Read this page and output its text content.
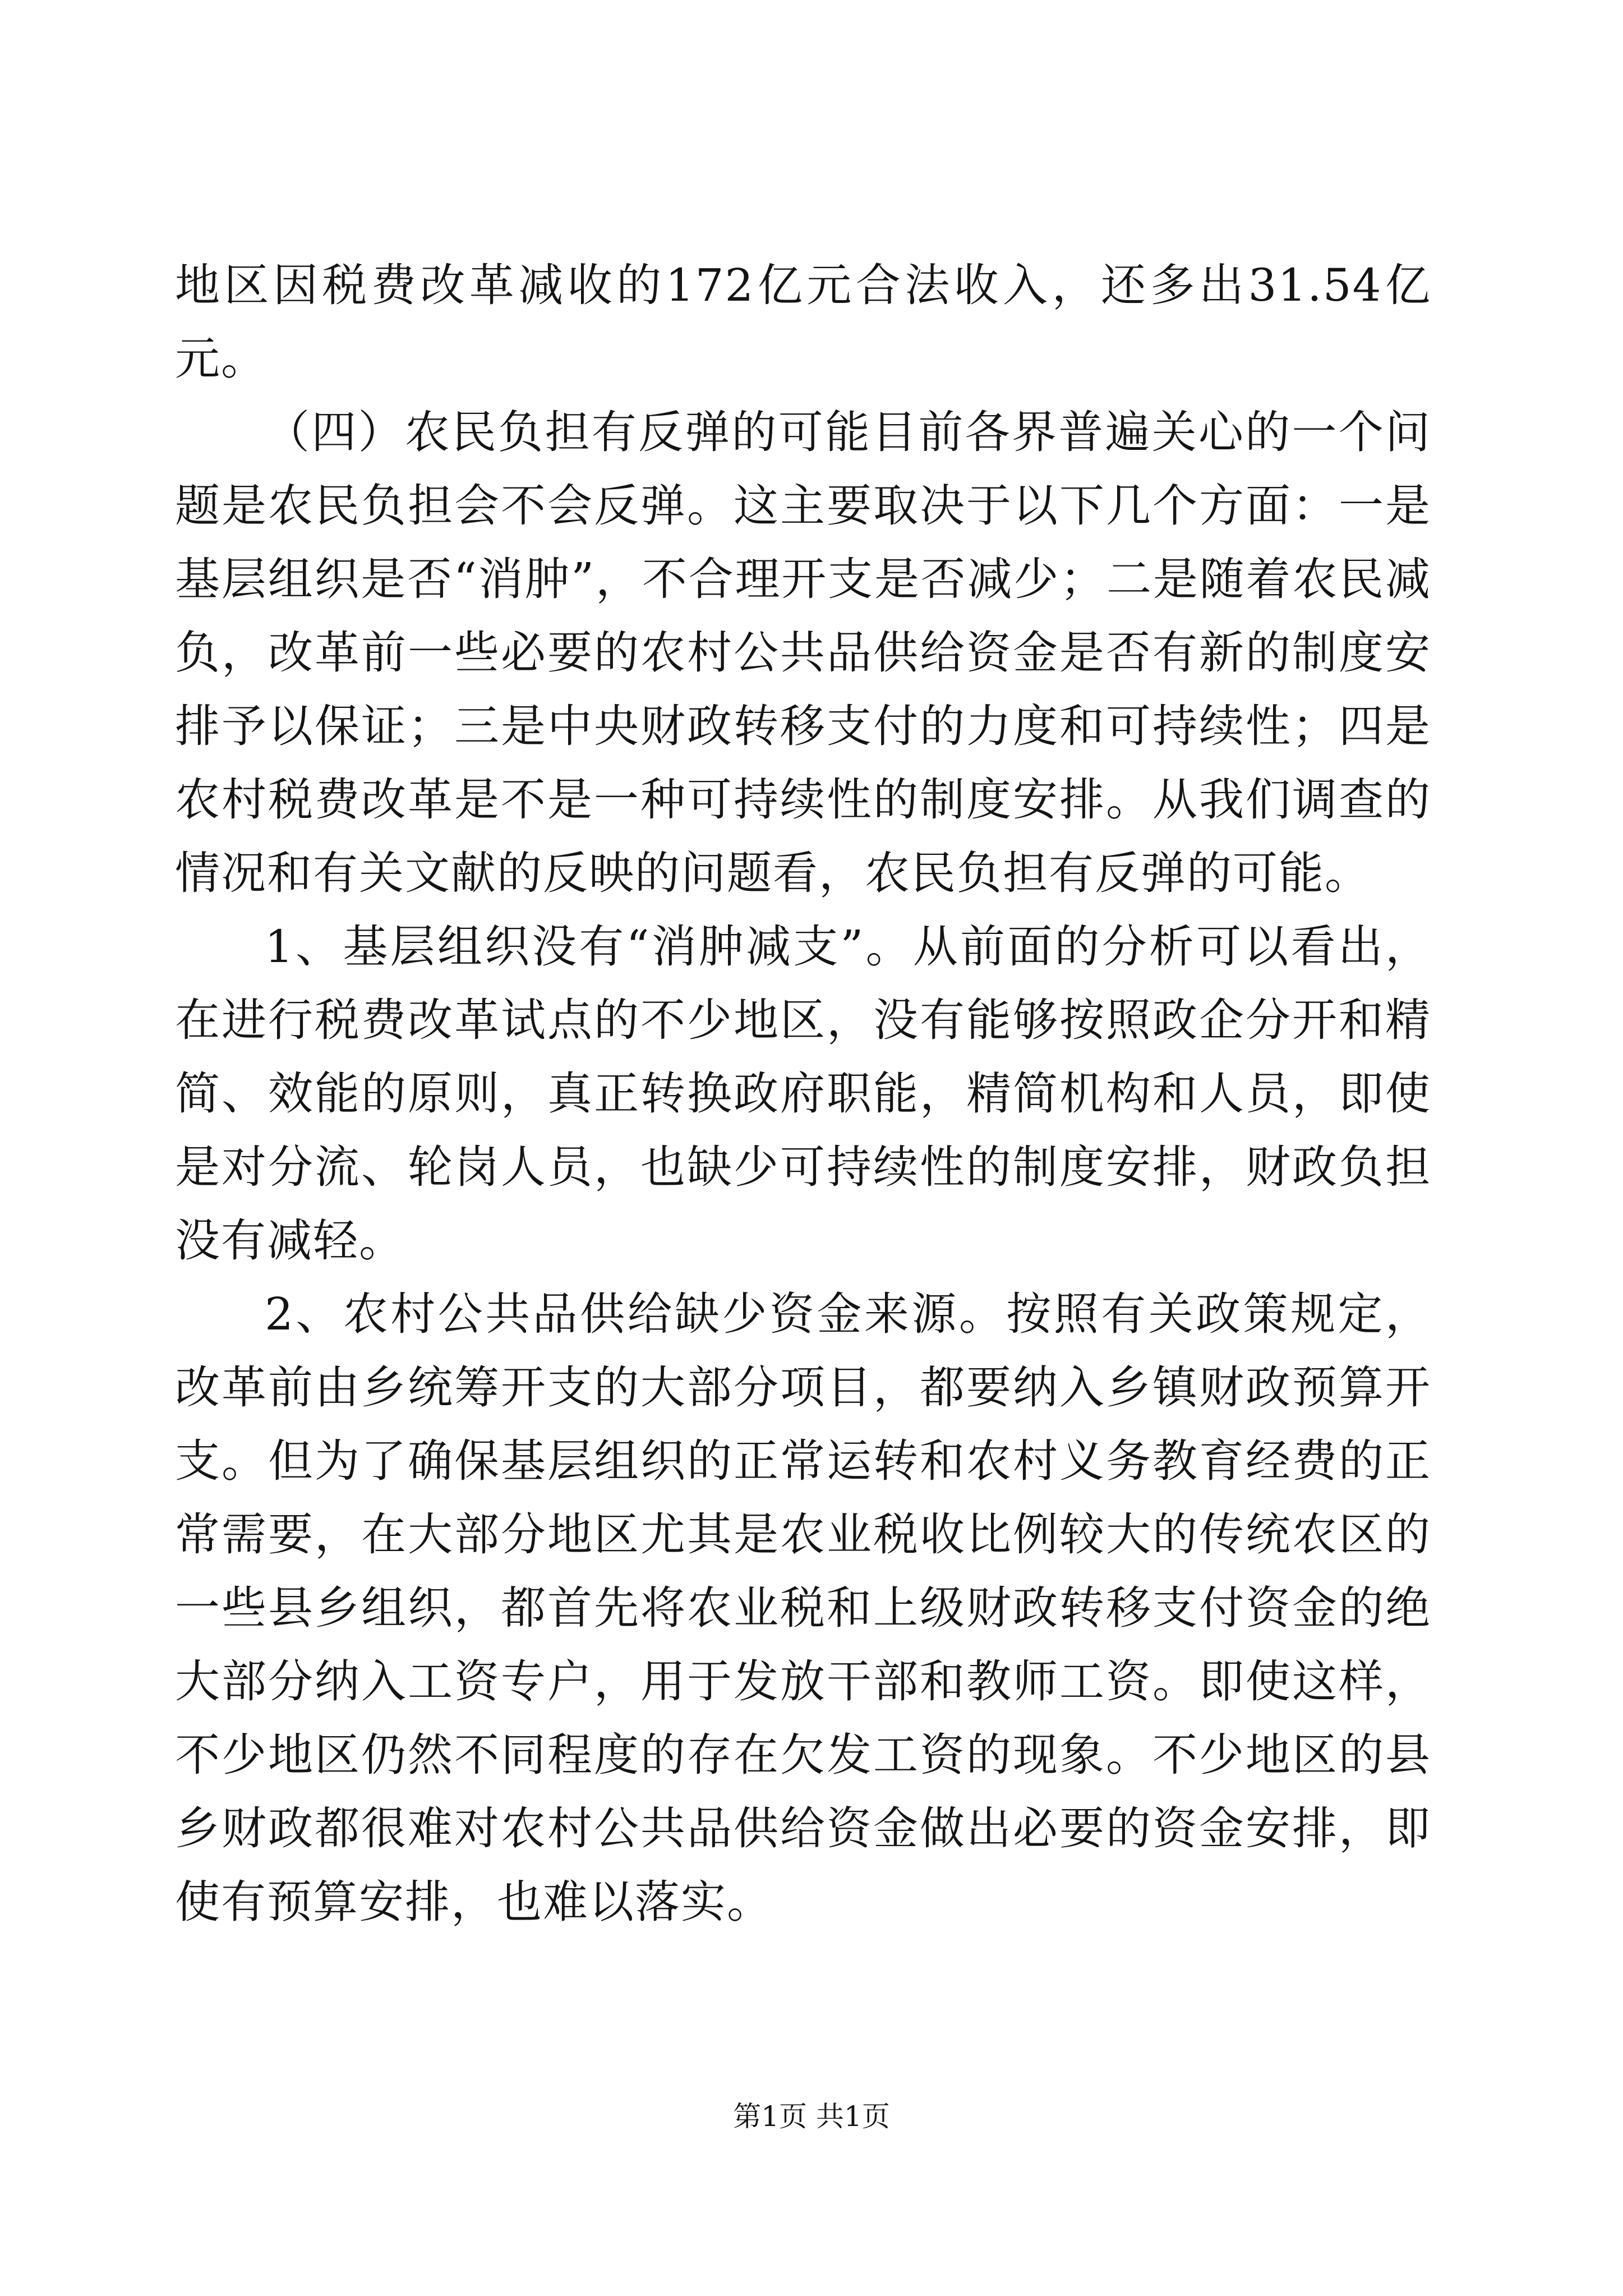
地区因税费改革减收的172亿元合法收入，还多出31.54亿元。

（四）农民负担有反弹的可能目前各界普遍关心的一个问题是农民负担会不会反弹。这主要取决于以下几个方面：一是基层组织是否“消肿”，不合理开支是否减少；二是随着农民减负，改革前一些必要的农村公共品供给资金是否有新的制度安排予以保证；三是中央财政转移支付的力度和可持续性；四是农村税费改革是不是一种可持续性的制度安排。从我们调查的情况和有关文献的反映的问题看，农民负担有反弹的可能。

1、基层组织没有“消肿减支”。从前面的分析可以看出，在进行税费改革试点的不少地区，没有能够按照政企分开和精简、效能的原则，真正转换政府职能，精简机构和人员，即使是对分流、轮岗人员，也缺少可持续性的制度安排，财政负担没有减轻。

2、农村公共品供给缺少资金来源。按照有关政策规定，改革前由乡统筹开支的大部分项目，都要纳入乡镇财政预算开支。但为了确保基层组织的正常运转和农村义务教育经费的正常需要，在大部分地区尤其是农业税收比例较大的传统农区的一些县乡组织，都首先将农业税和上级财政转移支付资金的绝大部分纳入工资专户，用于发放干部和教师工资。即使这样，不少地区仍然不同程度的存在欠发工资的现象。不少地区的县乡财政都很难对农村公共品供给资金做出必要的资金安排，即使有预算安排，也难以落实。

第1页 共1页
